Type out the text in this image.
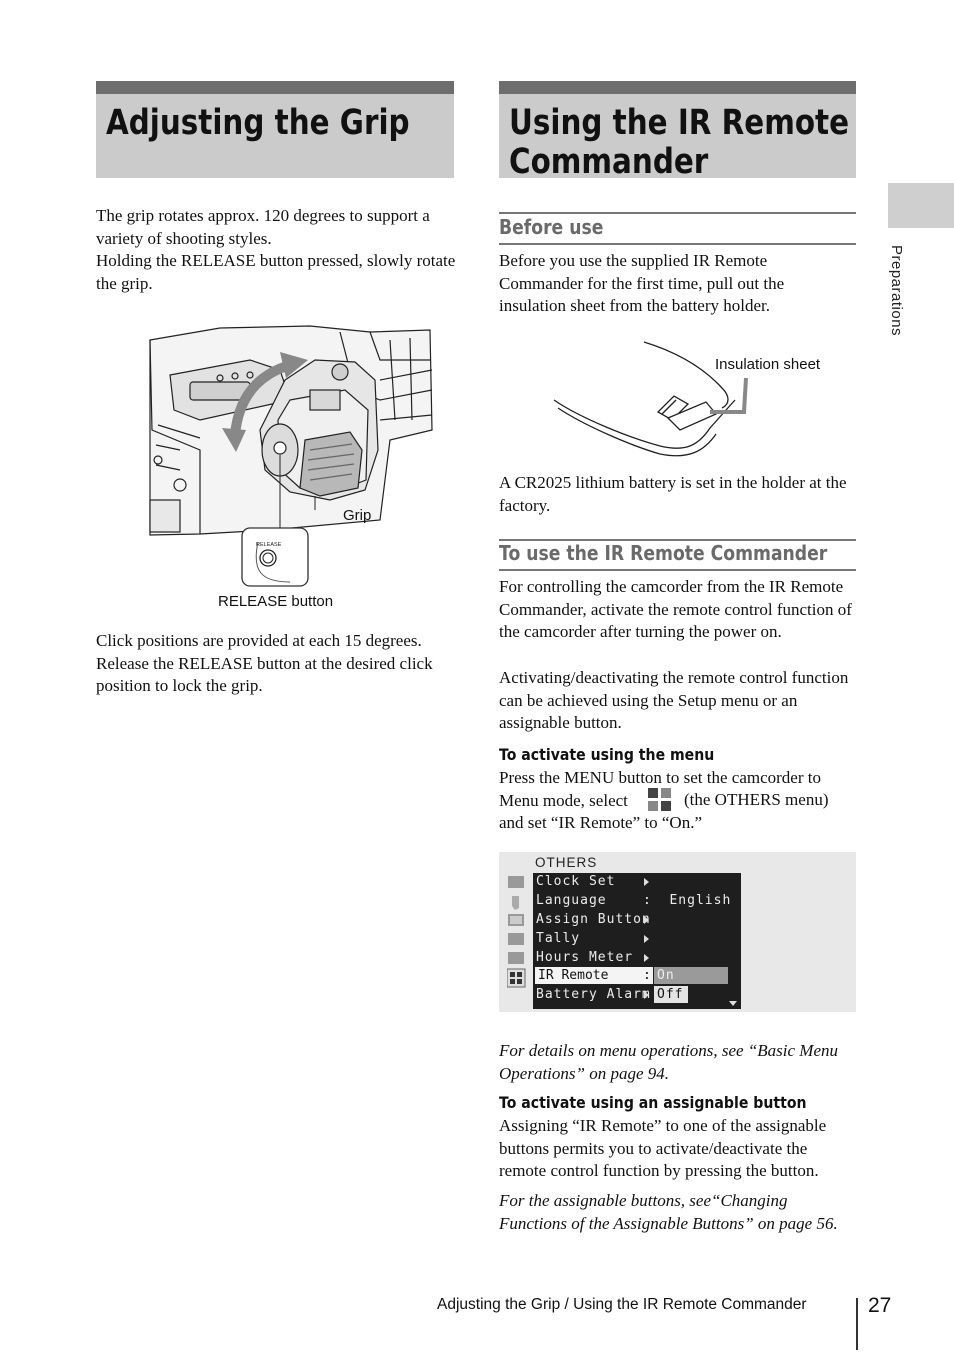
Adjusting the Grip
The grip rotates approx. 120 degrees to support a variety of shooting styles.
Holding the RELEASE button pressed, slowly rotate the grip.
RELEASE
Grip
RELEASE button
Click positions are provided at each 15 degrees. Release the RELEASE button at the desired click position to lock the grip.
Using the IR Remote
Commander
Before use
Before you use the supplied IR Remote Commander for the first time, pull out the insulation sheet from the battery holder.
Insulation sheet
A CR2025 lithium battery is set in the holder at the factory.
To use the IR Remote Commander
For controlling the camcorder from the IR Remote Commander, activate the remote control function of the camcorder after turning the power on.
Activating/deactivating the remote control function can be achieved using the Setup menu or an assignable button.
To activate using the menu
Press the MENU button to set the camcorder to Menu mode, select	(the OTHERS menu)
and set “IR Remote” to “On.”
OTHERS
Clock Set
Language	:  English
Assign Button
Tally
Hours Meter
IR Remote	: On
Battery Alarm Off
For details on menu operations, see “Basic Menu Operations” on page 94.
To activate using an assignable button
Assigning “IR Remote” to one of the assignable buttons permits you to activate/deactivate the remote control function by pressing the button.
For the assignable buttons, see“Changing Functions of the Assignable Buttons” on page 56.
Preparations
Adjusting the Grip / Using the IR Remote Commander	27
